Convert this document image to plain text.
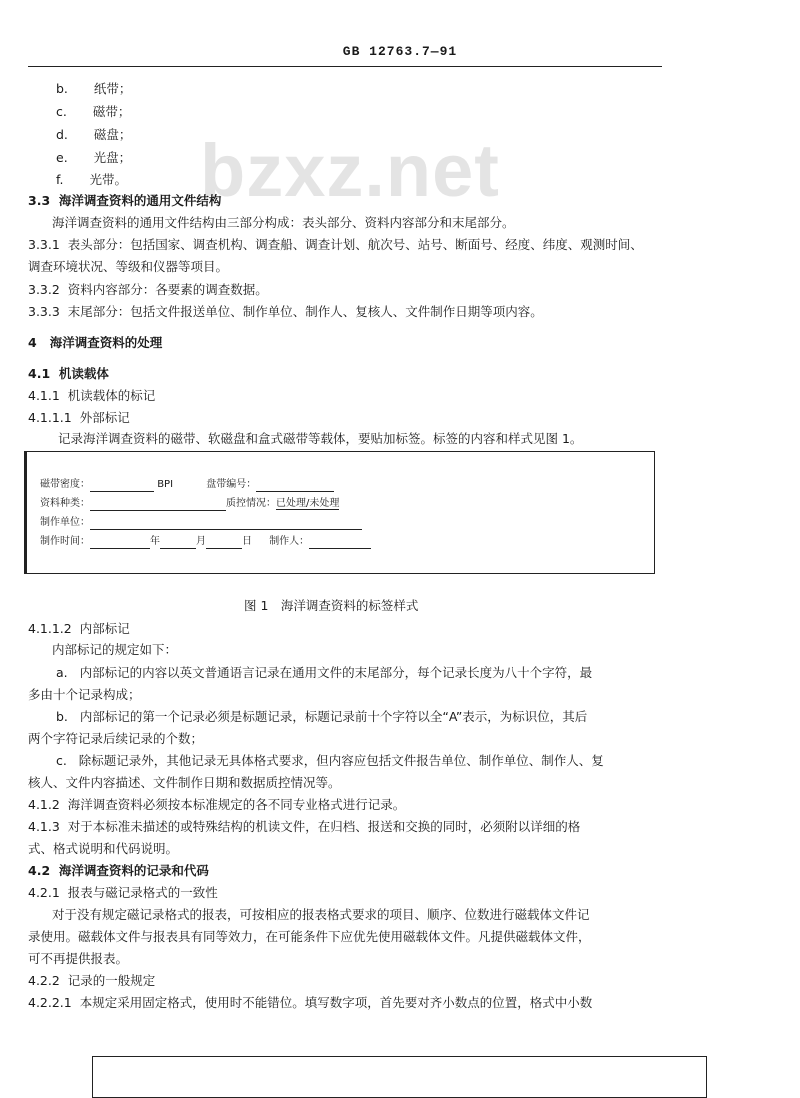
GB 12763.7—91
bzxz.net
b. 纸带；
c. 磁带；
d. 磁盘；
e. 光盘；
f. 光带。
3.3 海洋调查资料的通用文件结构
海洋调查资料的通用文件结构由三部分构成：表头部分、资料内容部分和末尾部分。
3.3.1 表头部分：包括国家、调查机构、调查船、调查计划、航次号、站号、断面号、经度、纬度、观测时间、
调查环境状况、等级和仪器等项目。
3.3.2 资料内容部分：各要素的调查数据。
3.3.3 末尾部分：包括文件报送单位、制作单位、制作人、复核人、文件制作日期等项内容。
4 海洋调查资料的处理
4.1 机读载体
4.1.1 机读载体的标记
4.1.1.1 外部标记
记录海洋调查资料的磁带、软磁盘和盒式磁带等载体，要贴加标签。标签的内容和样式见图 1。
磁带密度：	BPI	盘带编号：
资料种类：	质控情况：已处理/未处理
制作单位：
制作时间：	年	月	日 制作人：
图 1　海洋调查资料的标签样式
4.1.1.2 内部标记
内部标记的规定如下：
a. 内部标记的内容以英文普通语言记录在通用文件的末尾部分，每个记录长度为八十个字符，最
多由十个记录构成；
b. 内部标记的第一个记录必须是标题记录，标题记录前十个字符以全“A”表示，为标识位，其后
两个字符记录后续记录的个数；
c. 除标题记录外，其他记录无具体格式要求，但内容应包括文件报告单位、制作单位、制作人、复
核人、文件内容描述、文件制作日期和数据质控情况等。
4.1.2 海洋调查资料必须按本标准规定的各不同专业格式进行记录。
4.1.3 对于本标准未描述的或特殊结构的机读文件，在归档、报送和交换的同时，必须附以详细的格
式、格式说明和代码说明。
4.2 海洋调查资料的记录和代码
4.2.1 报表与磁记录格式的一致性
对于没有规定磁记录格式的报表，可按相应的报表格式要求的项目、顺序、位数进行磁载体文件记
录使用。磁载体文件与报表具有同等效力，在可能条件下应优先使用磁载体文件。凡提供磁载体文件，
可不再提供报表。
4.2.2 记录的一般规定
4.2.2.1 本规定采用固定格式，使用时不能错位。填写数字项，首先要对齐小数点的位置，格式中小数
